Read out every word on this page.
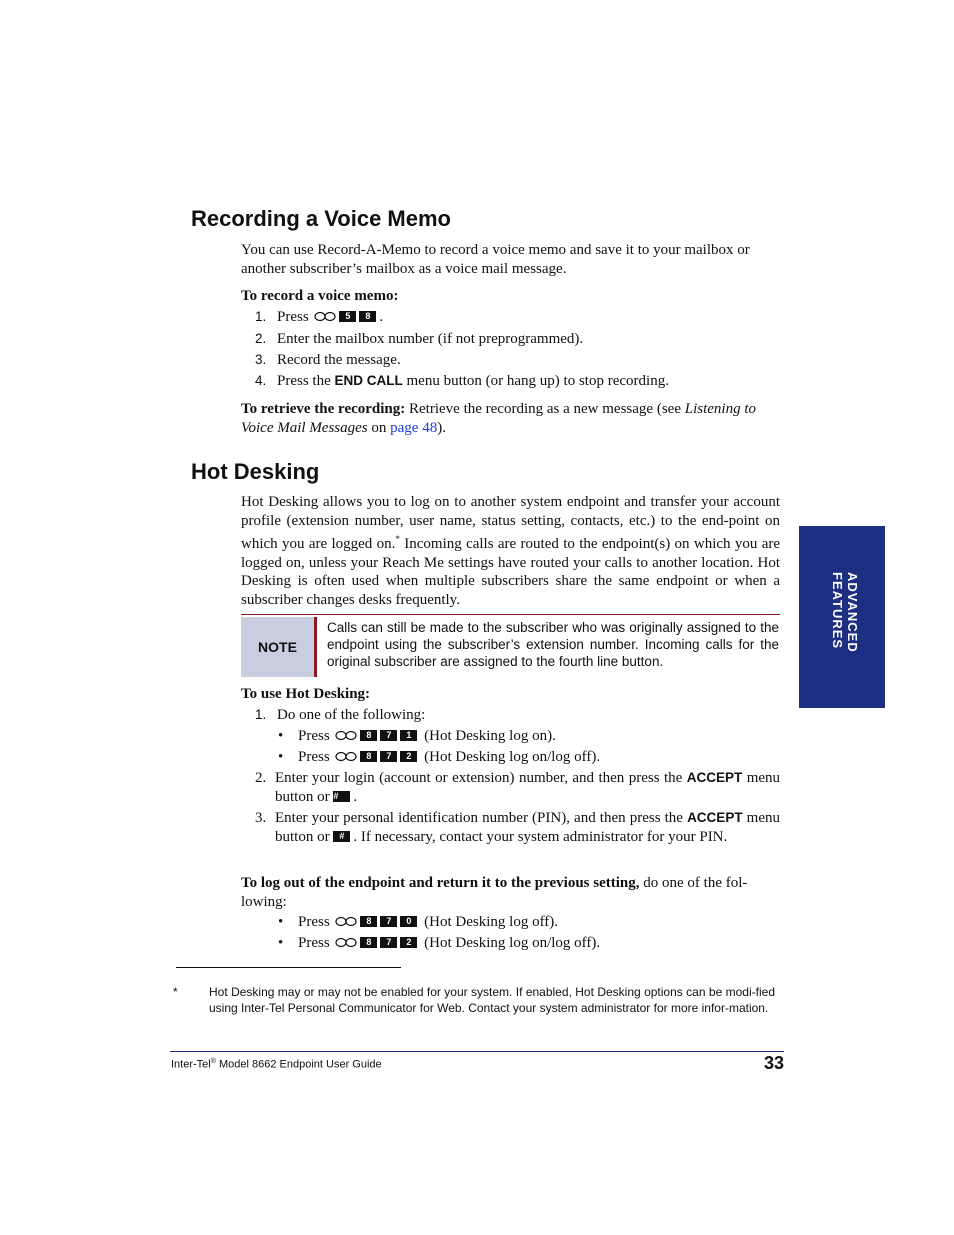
Recording a Voice Memo
You can use Record-A-Memo to record a voice memo and save it to your mailbox or another subscriber’s mailbox as a voice mail message.
To record a voice memo:
1. Press	5 8 .
2. Enter the mailbox number (if not preprogrammed).
3. Record the message.
4. Press the END CALL menu button (or hang up) to stop recording.
To retrieve the recording: Retrieve the recording as a new message (see Listening to Voice Mail Messages on page 48).
Hot Desking
Hot Desking allows you to log on to another system endpoint and transfer your account profile (extension number, user name, status setting, contacts, etc.) to the end-point on which you are logged on.* Incoming calls are routed to the endpoint(s) on which you are logged on, unless your Reach Me settings have routed your calls to another location. Hot Desking is often used when multiple subscribers share the same endpoint or when a subscriber changes desks frequently.
NOTE
Calls can still be made to the subscriber who was originally assigned to the endpoint using the subscriber’s extension number. Incoming calls for the original subscriber are assigned to the fourth line button.
To use Hot Desking:
1. Do one of the following:
• Press	8 7 1 (Hot Desking log on).
• Press	8 7 2 (Hot Desking log on/log off).
2. Enter your login (account or extension) number, and then press the ACCEPT menu button or # .
3. Enter your personal identification number (PIN), and then press the ACCEPT menu button or # . If necessary, contact your system administrator for your PIN.
To log out of the endpoint and return it to the previous setting, do one of the fol-lowing:
• Press	8 7 0 (Hot Desking log off).
• Press	8 7 2 (Hot Desking log on/log off).
*	Hot Desking may or may not be enabled for your system. If enabled, Hot Desking options can be modi-fied using Inter-Tel Personal Communicator for Web. Contact your system administrator for more infor-mation.
Inter-Tel® Model 8662 Endpoint User Guide	33
ADVANCED
FEATURES
